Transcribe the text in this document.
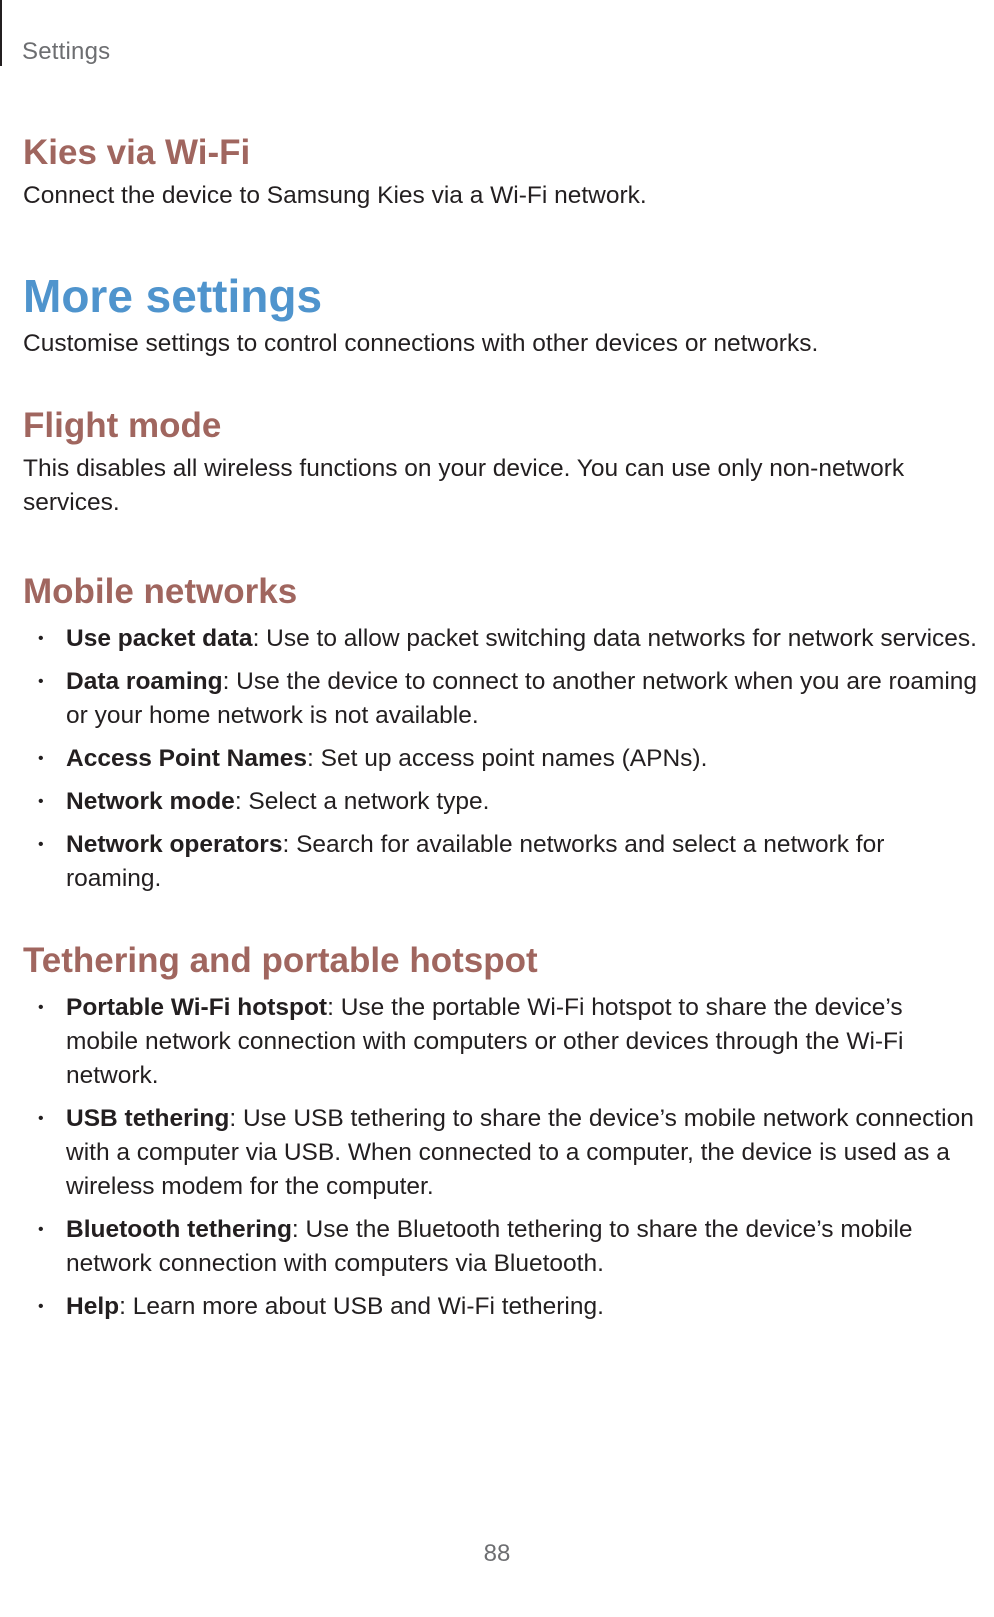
Settings
Kies via Wi-Fi

Connect the device to Samsung Kies via a Wi-Fi network.

More settings

Customise settings to control connections with other devices or networks.

Flight mode

This disables all wireless functions on your device. You can use only non-network services.

Mobile networks
• Use packet data: Use to allow packet switching data networks for network services.
• Data roaming: Use the device to connect to another network when you are roaming or your home network is not available.
• Access Point Names: Set up access point names (APNs).
• Network mode: Select a network type.
• Network operators: Search for available networks and select a network for roaming.
Tethering and portable hotspot
• Portable Wi-Fi hotspot: Use the portable Wi-Fi hotspot to share the device’s mobile network connection with computers or other devices through the Wi-Fi network.
• USB tethering: Use USB tethering to share the device’s mobile network connection with a computer via USB. When connected to a computer, the device is used as a wireless modem for the computer.
• Bluetooth tethering: Use the Bluetooth tethering to share the device’s mobile network connection with computers via Bluetooth.
• Help: Learn more about USB and Wi-Fi tethering.
88
